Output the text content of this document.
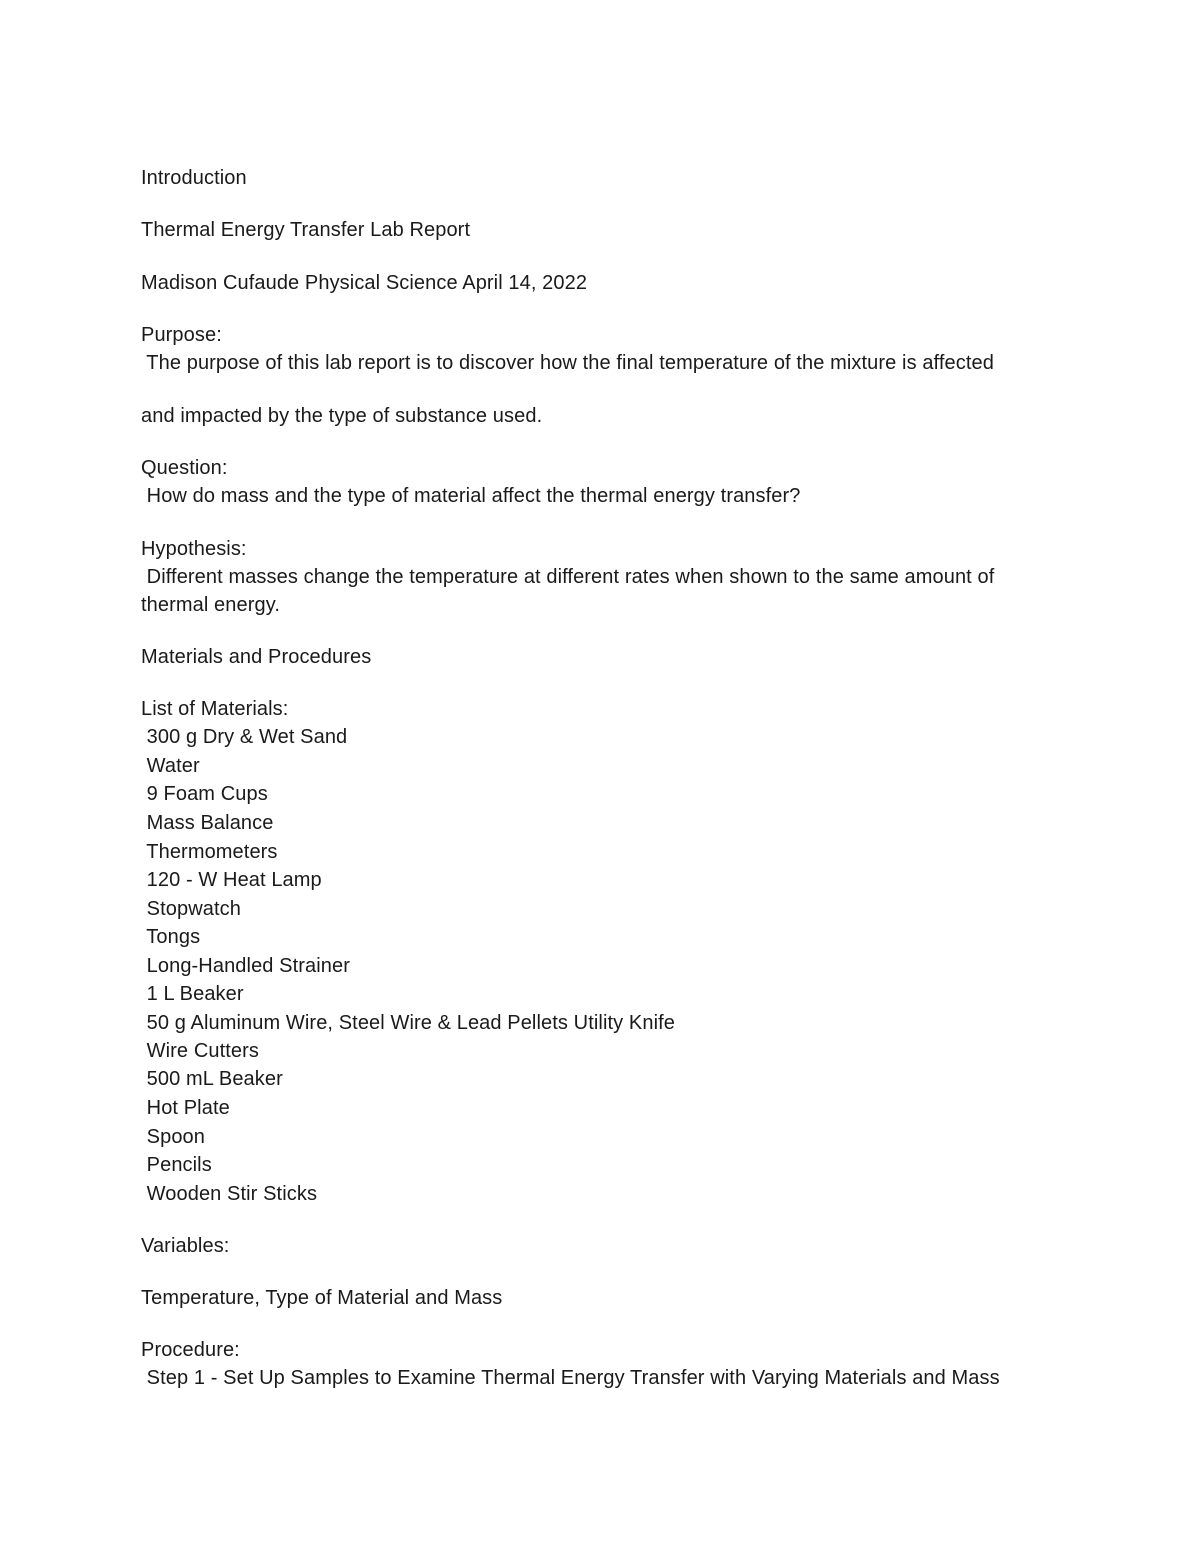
Introduction
Thermal Energy Transfer Lab Report
Madison Cufaude Physical Science April 14, 2022
Purpose:
The purpose of this lab report is to discover how the final temperature of the mixture is affected
and impacted by the type of substance used.
Question:
How do mass and the type of material affect the thermal energy transfer?
Hypothesis:
Different masses change the temperature at different rates when shown to the same amount of
thermal energy.
Materials and Procedures
List of Materials:
300 g Dry & Wet Sand
Water
9 Foam Cups
Mass Balance
Thermometers
120 - W Heat Lamp
Stopwatch
Tongs
Long-Handled Strainer
1 L Beaker
50 g Aluminum Wire, Steel Wire & Lead Pellets Utility Knife
Wire Cutters
500 mL Beaker
Hot Plate
Spoon
Pencils
Wooden Stir Sticks
Variables:
Temperature, Type of Material and Mass
Procedure:
Step 1 - Set Up Samples to Examine Thermal Energy Transfer with Varying Materials and Mass
